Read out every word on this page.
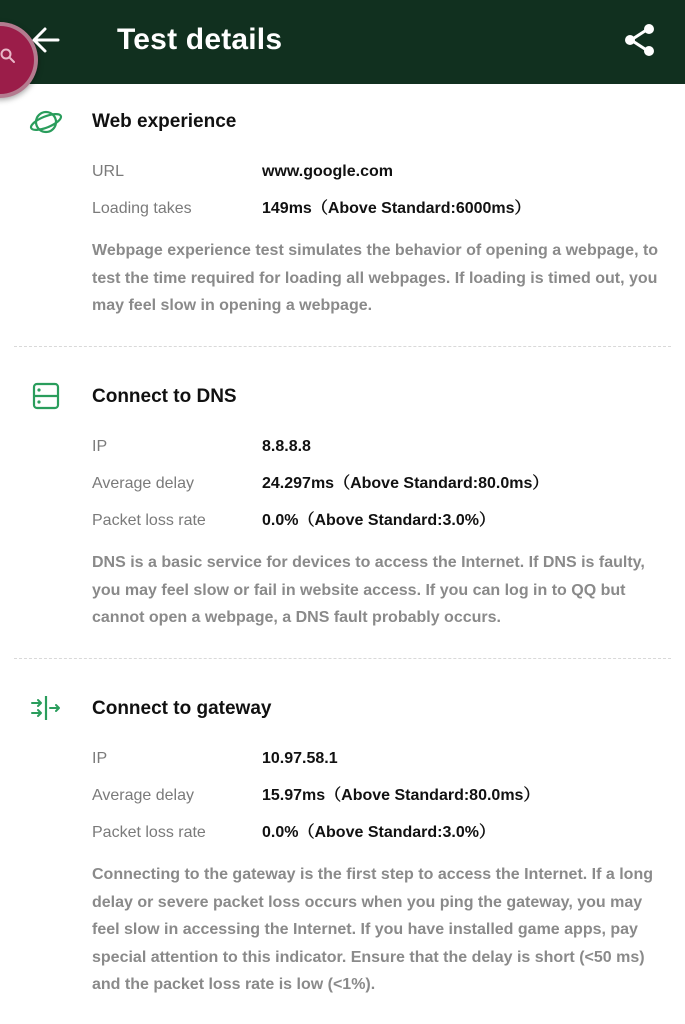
Test details
Web experience
URL	www.google.com
Loading takes	149ms（Above Standard:6000ms）
Webpage experience test simulates the behavior of opening a webpage, to test the time required for loading all webpages. If loading is timed out, you may feel slow in opening a webpage.
Connect to DNS
IP	8.8.8.8
Average delay	24.297ms（Above Standard:80.0ms）
Packet loss rate	0.0%（Above Standard:3.0%）
DNS is a basic service for devices to access the Internet. If DNS is faulty, you may feel slow or fail in website access. If you can log in to QQ but cannot open a webpage, a DNS fault probably occurs.
Connect to gateway
IP	10.97.58.1
Average delay	15.97ms（Above Standard:80.0ms）
Packet loss rate	0.0%（Above Standard:3.0%）
Connecting to the gateway is the first step to access the Internet. If a long delay or severe packet loss occurs when you ping the gateway, you may feel slow in accessing the Internet. If you have installed game apps, pay special attention to this indicator. Ensure that the delay is short (<50 ms) and the packet loss rate is low (<1%).
